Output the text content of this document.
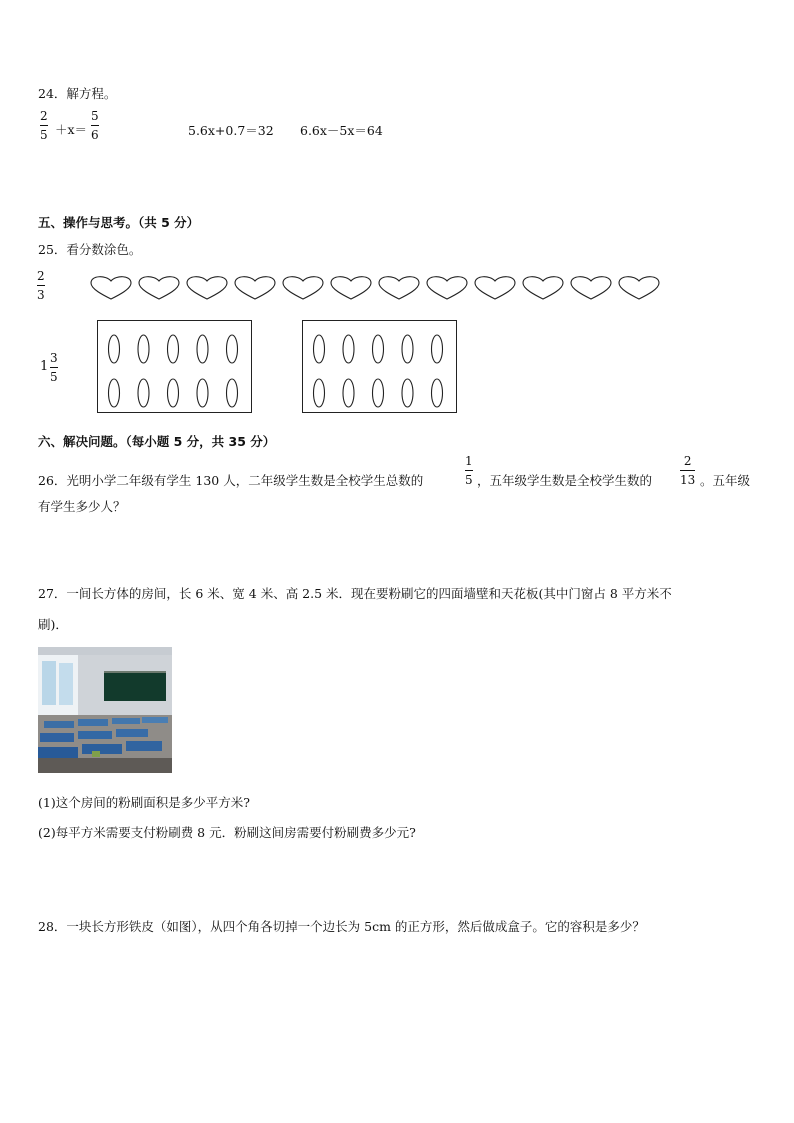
24．解方程。
2
5 ＋x＝
5
6	5.6x+0.7＝32 6.6x－5x＝64
五、操作与思考。（共 5 分）
25．看分数涂色。
2
3
1
3
5
六、解决问题。（每小题 5 分，共 35 分）
26．光明小学二年级有学生 130 人，二年级学生数是全校学生总数的
1
5 ，五年级学生数是全校学生数的
2
13 。五年级
有学生多少人？
27．一间长方体的房间，长 6 米、宽 4 米、高 2.5 米．现在要粉刷它的四面墙壁和天花板(其中门窗占 8 平方米不
刷)．
(1)这个房间的粉刷面积是多少平方米?
(2)每平方米需要支付粉刷费 8 元．粉刷这间房需要付粉刷费多少元?
28．一块长方形铁皮（如图），从四个角各切掉一个边长为 5cm 的正方形，然后做成盒子。它的容积是多少？
